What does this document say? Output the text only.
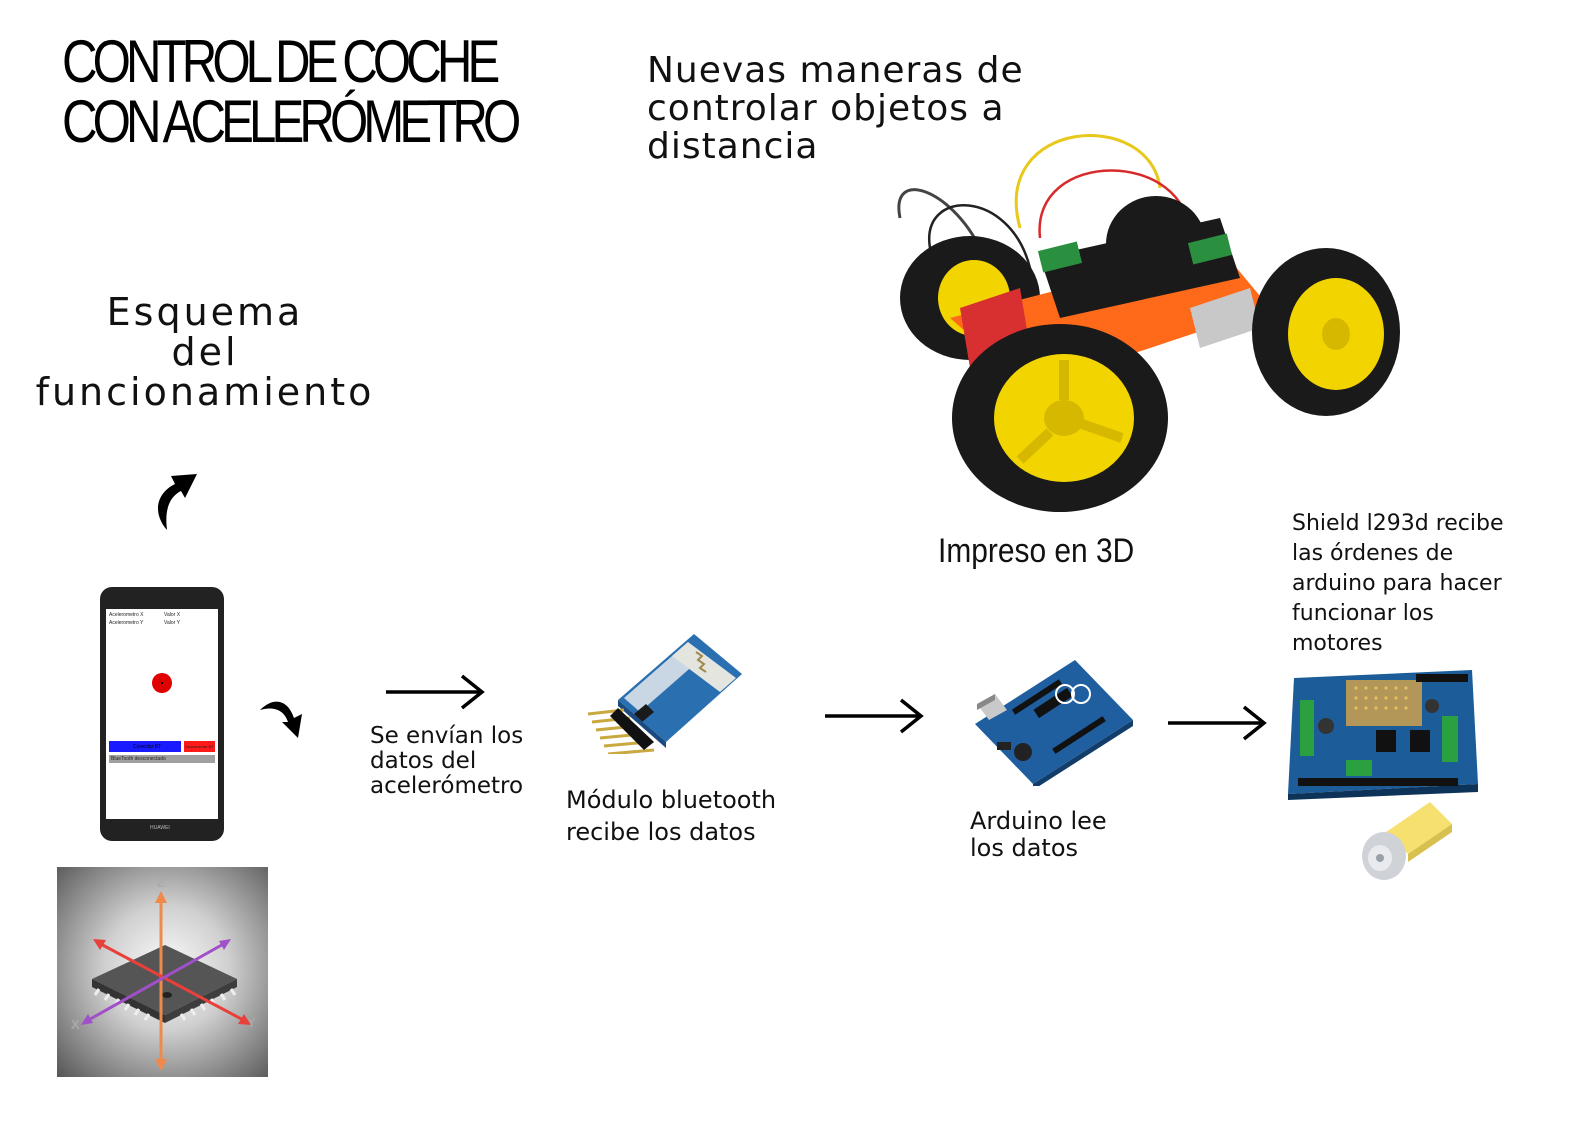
CONTROL DE COCHE
CON ACELERÓMETRO
Nuevas maneras de
controlar objetos a
distancia
Esquema
del
funcionamiento
Acelerometro X	Valor X
Acelerometro Y	Valor Y
Conectar BT	Desconectar BT
BlueTooth desconectado
HUAWEI
Z
X	Y
Se envían los
datos del
acelerómetro Módulo bluetooth
recibe los datos	Arduino lee
los datos
Shield l293d recibe
las órdenes de
arduino para hacer
funcionar los
motores
Impreso en 3D
